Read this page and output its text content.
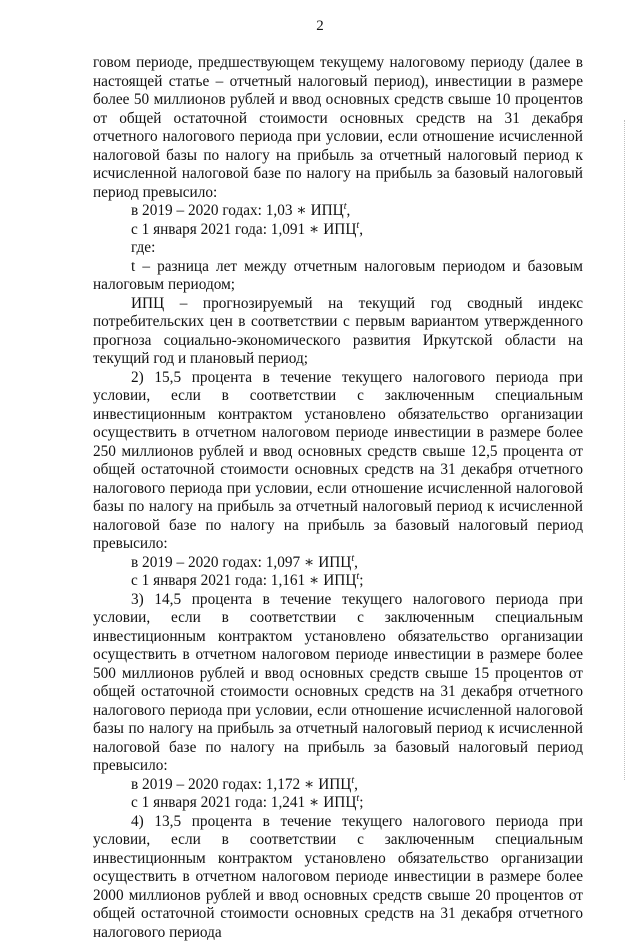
2

говом периоде, предшествующем текущему налоговому периоду (далее в настоящей статье – отчетный налоговый период), инвестиции в размере более 50 миллионов рублей и ввод основных средств свыше 10 процентов от общей остаточной стоимости основных средств на 31 декабря отчетного налогового периода при условии, если отношение исчисленной налоговой базы по налогу на прибыль за отчетный налоговый период к исчисленной налоговой базе по налогу на прибыль за базовый налоговый период превысило:

в 2019 – 2020 годах: 1,03 ∗ ИПЦ$^t$,

с 1 января 2021 года: 1,091 ∗ ИПЦ$^t$,

где:

t – разница лет между отчетным налоговым периодом и базовым налоговым периодом;

ИПЦ – прогнозируемый на текущий год сводный индекс потребительских цен в соответствии с первым вариантом утвержденного прогноза социально-экономического развития Иркутской области на текущий год и плановый период;

2) 15,5 процента в течение текущего налогового периода при условии, если в соответствии с заключенным специальным инвестиционным контрактом установлено обязательство организации осуществить в отчетном налоговом периоде инвестиции в размере более 250 миллионов рублей и ввод основных средств свыше 12,5 процента от общей остаточной стоимости основных средств на 31 декабря отчетного налогового периода при условии, если отношение исчисленной налоговой базы по налогу на прибыль за отчетный налоговый период к исчисленной налоговой базе по налогу на прибыль за базовый налоговый период превысило:

в 2019 – 2020 годах: 1,097 ∗ ИПЦ$^t$,

с 1 января 2021 года: 1,161 ∗ ИПЦ$^t$;

3) 14,5 процента в течение текущего налогового периода при условии, если в соответствии с заключенным специальным инвестиционным контрактом установлено обязательство организации осуществить в отчетном налоговом периоде инвестиции в размере более 500 миллионов рублей и ввод основных средств свыше 15 процентов от общей остаточной стоимости основных средств на 31 декабря отчетного налогового периода при условии, если отношение исчисленной налоговой базы по налогу на прибыль за отчетный налоговый период к исчисленной налоговой базе по налогу на прибыль за базовый налоговый период превысило:

в 2019 – 2020 годах: 1,172 ∗ ИПЦ$^t$,

с 1 января 2021 года: 1,241 ∗ ИПЦ$^t$;

4) 13,5 процента в течение текущего налогового периода при условии, если в соответствии с заключенным специальным инвестиционным контрактом установлено обязательство организации осуществить в отчетном налоговом периоде инвестиции в размере более 2000 миллионов рублей и ввод основных средств свыше 20 процентов от общей остаточной стоимости основных средств на 31 декабря отчетного налогового периода
